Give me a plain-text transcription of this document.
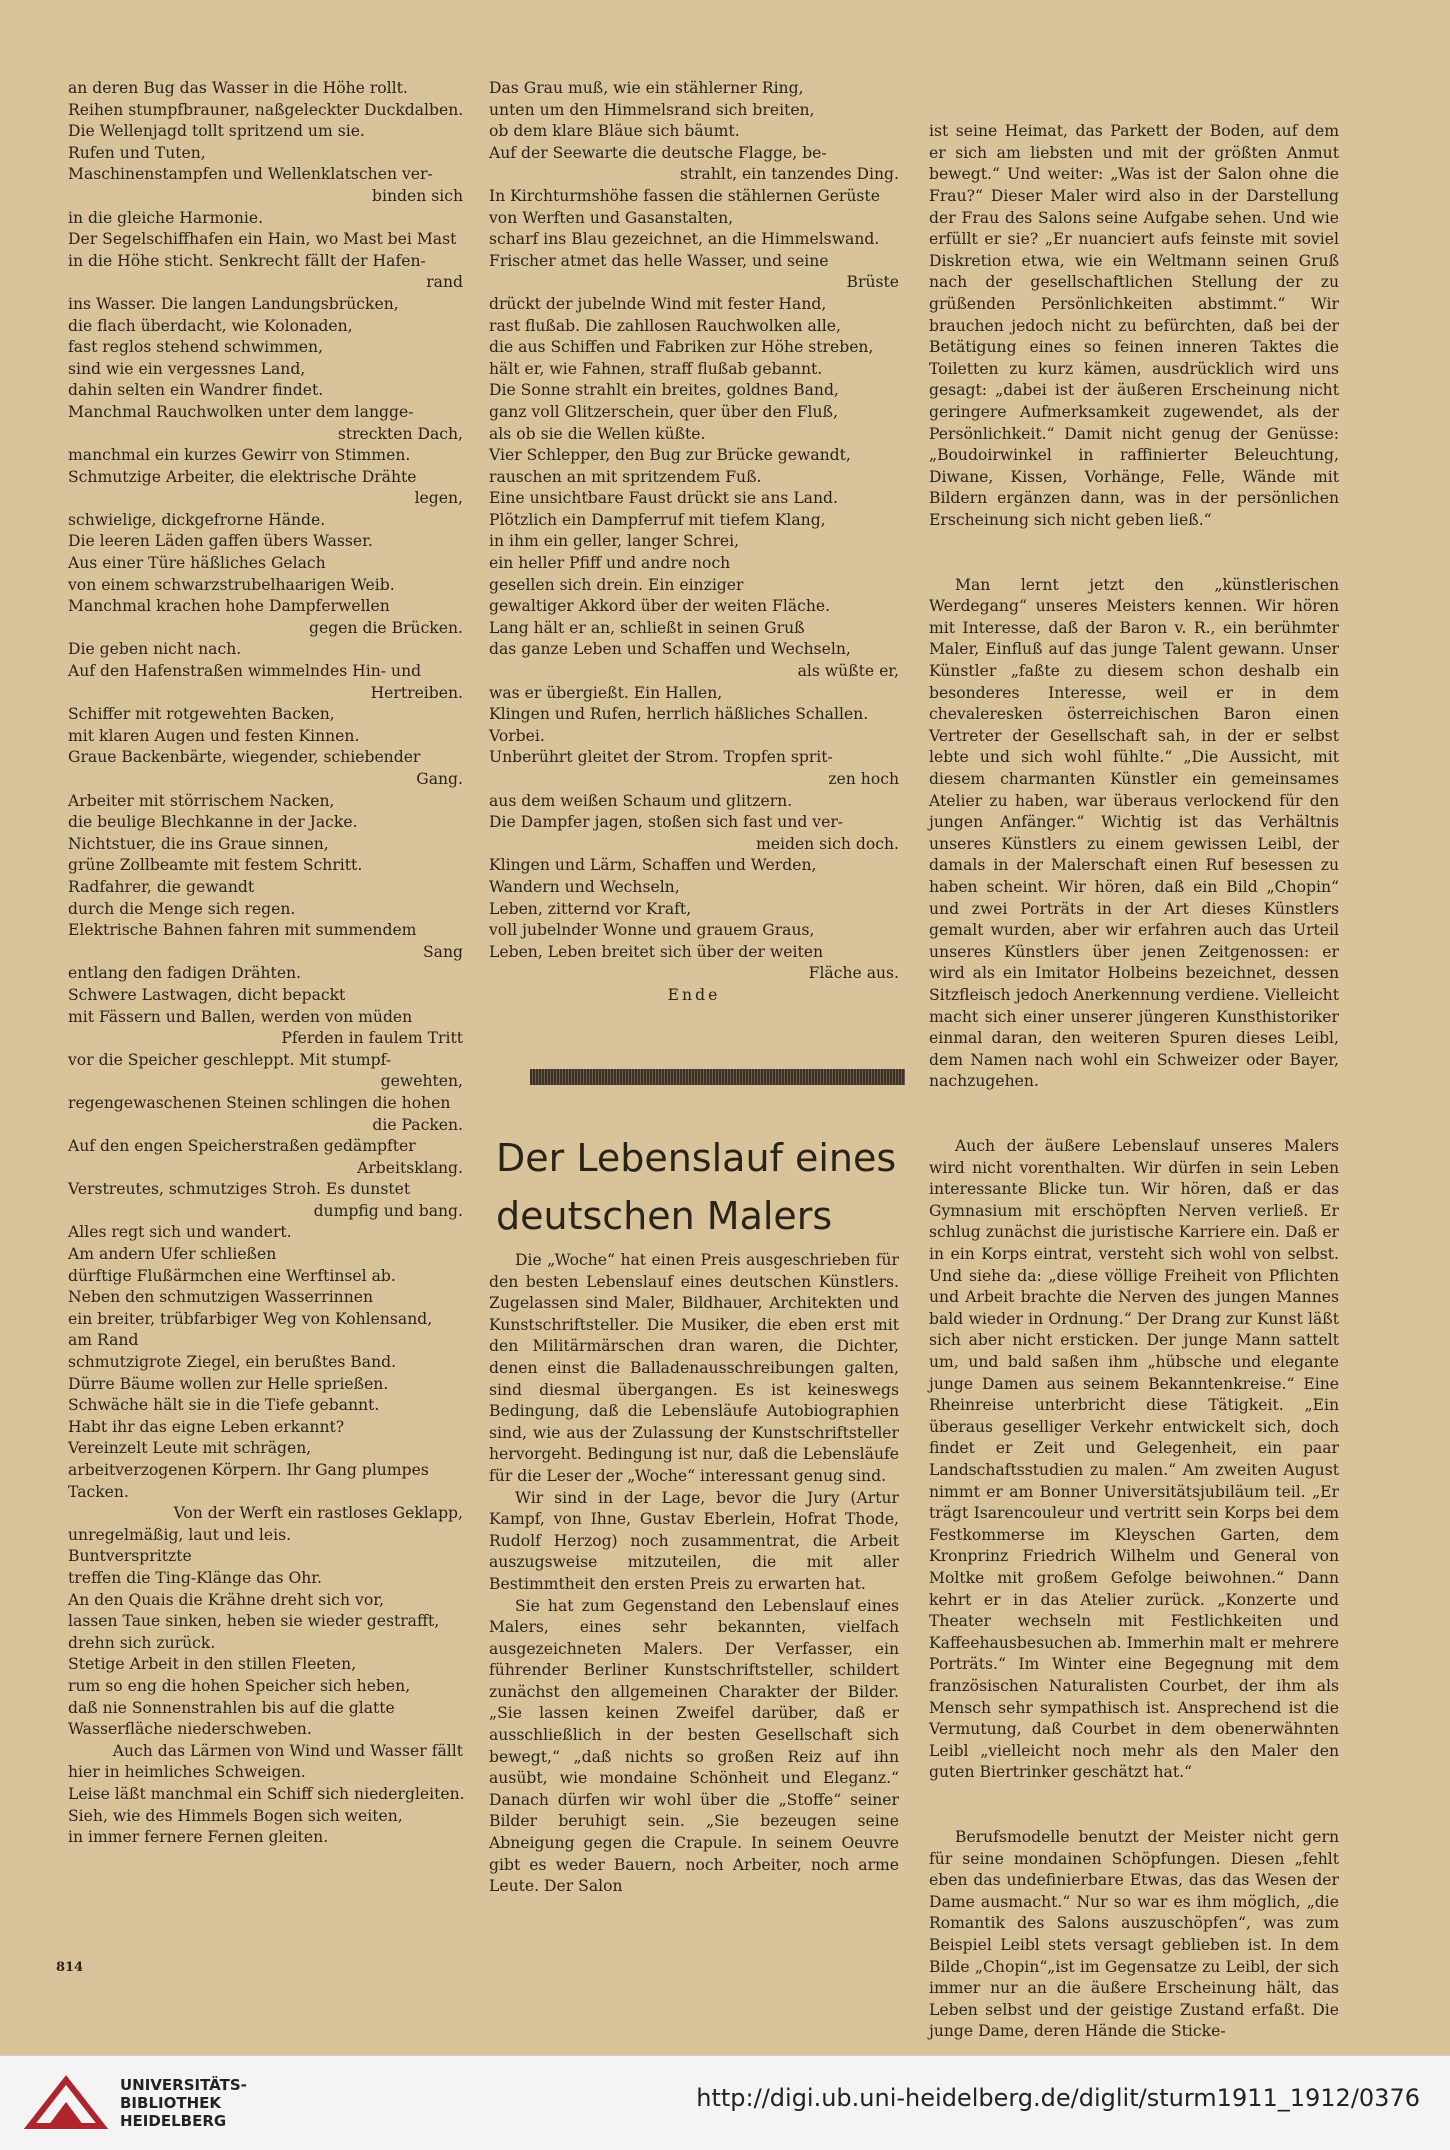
an deren Bug das Wasser in die Höhe rollt.
Reihen stumpfbrauner, naßgeleckter Duckdalben.
Die Wellenjagd tollt spritzend um sie.
Rufen und Tuten,
Maschinenstampfen und Wellenklatschen ver-
binden sich
in die gleiche Harmonie.
Der Segelschiffhafen ein Hain, wo Mast bei Mast
in die Höhe sticht. Senkrecht fällt der Hafen-
rand
ins Wasser. Die langen Landungsbrücken,
die flach überdacht, wie Kolonaden,
fast reglos stehend schwimmen,
sind wie ein vergessnes Land,
dahin selten ein Wandrer findet.
Manchmal Rauchwolken unter dem langge-
streckten Dach,
manchmal ein kurzes Gewirr von Stimmen.
Schmutzige Arbeiter, die elektrische Drähte
legen,
schwielige, dickgefrorne Hände.
Die leeren Läden gaffen übers Wasser.
Aus einer Türe häßliches Gelach
von einem schwarzstrubelhaarigen Weib.
Manchmal krachen hohe Dampferwellen
gegen die Brücken.
Die geben nicht nach.
Auf den Hafenstraßen wimmelndes Hin- und
Hertreiben.
Schiffer mit rotgewehten Backen,
mit klaren Augen und festen Kinnen.
Graue Backenbärte, wiegender, schiebender
Gang.
Arbeiter mit störrischem Nacken,
die beulige Blechkanne in der Jacke.
Nichtstuer, die ins Graue sinnen,
grüne Zollbeamte mit festem Schritt.
Radfahrer, die gewandt
durch die Menge sich regen.
Elektrische Bahnen fahren mit summendem
Sang
entlang den fadigen Drähten.
Schwere Lastwagen, dicht bepackt
mit Fässern und Ballen, werden von müden
Pferden in faulem Tritt
vor die Speicher geschleppt. Mit stumpf-
gewehten,
regengewaschenen Steinen schlingen die hohen
die Packen.
Auf den engen Speicherstraßen gedämpfter
Arbeitsklang.
Verstreutes, schmutziges Stroh. Es dunstet
dumpfig und bang.
Alles regt sich und wandert.
Am andern Ufer schließen
dürftige Flußärmchen eine Werftinsel ab.
Neben den schmutzigen Wasserrinnen
ein breiter, trübfarbiger Weg von Kohlensand,
am Rand
schmutzigrote Ziegel, ein berußtes Band.
Dürre Bäume wollen zur Helle sprießen.
Schwäche hält sie in die Tiefe gebannt.
Habt ihr das eigne Leben erkannt?
Vereinzelt Leute mit schrägen,
arbeitverzogenen Körpern. Ihr Gang plumpes
Tacken.
Von der Werft ein rastloses Geklapp,
unregelmäßig, laut und leis.
Buntverspritzte
treffen die Ting-Klänge das Ohr.
An den Quais die Krähne dreht sich vor,
lassen Taue sinken, heben sie wieder gestrafft,
drehn sich zurück.
Stetige Arbeit in den stillen Fleeten,
rum so eng die hohen Speicher sich heben,
daß nie Sonnenstrahlen bis auf die glatte
Wasserfläche niederschweben.
Auch das Lärmen von Wind und Wasser fällt
hier in heimliches Schweigen.
Leise läßt manchmal ein Schiff sich niedergleiten.
Sieh, wie des Himmels Bogen sich weiten,
in immer fernere Fernen gleiten.
Das Grau muß, wie ein stählerner Ring,
unten um den Himmelsrand sich breiten,
ob dem klare Bläue sich bäumt.
Auf der Seewarte die deutsche Flagge, be-
strahlt, ein tanzendes Ding.
In Kirchturmshöhe fassen die stählernen Gerüste
von Werften und Gasanstalten,
scharf ins Blau gezeichnet, an die Himmelswand.
Frischer atmet das helle Wasser, und seine
Brüste
drückt der jubelnde Wind mit fester Hand,
rast flußab. Die zahllosen Rauchwolken alle,
die aus Schiffen und Fabriken zur Höhe streben,
hält er, wie Fahnen, straff flußab gebannt.
Die Sonne strahlt ein breites, goldnes Band,
ganz voll Glitzerschein, quer über den Fluß,
als ob sie die Wellen küßte.
Vier Schlepper, den Bug zur Brücke gewandt,
rauschen an mit spritzendem Fuß.
Eine unsichtbare Faust drückt sie ans Land.
Plötzlich ein Dampferruf mit tiefem Klang,
in ihm ein geller, langer Schrei,
ein heller Pfiff und andre noch
gesellen sich drein. Ein einziger
gewaltiger Akkord über der weiten Fläche.
Lang hält er an, schließt in seinen Gruß
das ganze Leben und Schaffen und Wechseln,
als wüßte er,
was er übergießt. Ein Hallen,
Klingen und Rufen, herrlich häßliches Schallen.
Vorbei.
Unberührt gleitet der Strom. Tropfen sprit-
zen hoch
aus dem weißen Schaum und glitzern.
Die Dampfer jagen, stoßen sich fast und ver-
meiden sich doch.
Klingen und Lärm, Schaffen und Werden,
Wandern und Wechseln,
Leben, zitternd vor Kraft,
voll jubelnder Wonne und grauem Graus,
Leben, Leben breitet sich über der weiten
Fläche aus.
Ende
Der Lebenslauf eines
deutschen Malers

Die „Woche“ hat einen Preis ausgeschrieben für den besten Lebenslauf eines deutschen Künstlers. Zugelassen sind Maler, Bildhauer, Architekten und Kunstschriftsteller. Die Musiker, die eben erst mit den Militärmärschen dran waren, die Dichter, denen einst die Balladenausschreibungen galten, sind diesmal übergangen. Es ist keineswegs Bedingung, daß die Lebensläufe Autobiographien sind, wie aus der Zulassung der Kunstschriftsteller hervorgeht. Bedingung ist nur, daß die Lebensläufe für die Leser der „Woche“ interessant genug sind.

Wir sind in der Lage, bevor die Jury (Artur Kampf, von Ihne, Gustav Eberlein, Hofrat Thode, Rudolf Herzog) noch zusammentrat, die Arbeit auszugsweise mitzuteilen, die mit aller Bestimmtheit den ersten Preis zu erwarten hat.

Sie hat zum Gegenstand den Lebenslauf eines Malers, eines sehr bekannten, vielfach ausgezeichneten Malers. Der Verfasser, ein führender Berliner Kunstschriftsteller, schildert zunächst den allgemeinen Charakter der Bilder. „Sie lassen keinen Zweifel darüber, daß er ausschließlich in der besten Gesellschaft sich bewegt,“ „daß nichts so großen Reiz auf ihn ausübt, wie mondaine Schönheit und Eleganz.“ Danach dürfen wir wohl über die „Stoffe“ seiner Bilder beruhigt sein. „Sie bezeugen seine Abneigung gegen die Crapule. In seinem Oeuvre gibt es weder Bauern, noch Arbeiter, noch arme Leute. Der Salon

ist seine Heimat, das Parkett der Boden, auf dem er sich am liebsten und mit der größten Anmut bewegt.“ Und weiter: „Was ist der Salon ohne die Frau?“ Dieser Maler wird also in der Darstellung der Frau des Salons seine Aufgabe sehen. Und wie erfüllt er sie? „Er nuanciert aufs feinste mit soviel Diskretion etwa, wie ein Weltmann seinen Gruß nach der gesellschaftlichen Stellung der zu grüßenden Persönlichkeiten abstimmt.“ Wir brauchen jedoch nicht zu befürchten, daß bei der Betätigung eines so feinen inneren Taktes die Toiletten zu kurz kämen, ausdrücklich wird uns gesagt: „dabei ist der äußeren Erscheinung nicht geringere Aufmerksamkeit zugewendet, als der Persönlichkeit.“ Damit nicht genug der Genüsse: „Boudoirwinkel in raffinierter Beleuchtung, Diwane, Kissen, Vorhänge, Felle, Wände mit Bildern ergänzen dann, was in der persönlichen Erscheinung sich nicht geben ließ.“

Man lernt jetzt den „künstlerischen Werdegang“ unseres Meisters kennen. Wir hören mit Interesse, daß der Baron v. R., ein berühmter Maler, Einfluß auf das junge Talent gewann. Unser Künstler „faßte zu diesem schon deshalb ein besonderes Interesse, weil er in dem chevaleresken österreichischen Baron einen Vertreter der Gesellschaft sah, in der er selbst lebte und sich wohl fühlte.“ „Die Aussicht, mit diesem charmanten Künstler ein gemeinsames Atelier zu haben, war überaus verlockend für den jungen Anfänger.“ Wichtig ist das Verhältnis unseres Künstlers zu einem gewissen Leibl, der damals in der Malerschaft einen Ruf besessen zu haben scheint. Wir hören, daß ein Bild „Chopin“ und zwei Porträts in der Art dieses Künstlers gemalt wurden, aber wir erfahren auch das Urteil unseres Künstlers über jenen Zeitgenossen: er wird als ein Imitator Holbeins bezeichnet, dessen Sitzfleisch jedoch Anerkennung verdiene. Vielleicht macht sich einer unserer jüngeren Kunsthistoriker einmal daran, den weiteren Spuren dieses Leibl, dem Namen nach wohl ein Schweizer oder Bayer, nachzugehen.

Auch der äußere Lebenslauf unseres Malers wird nicht vorenthalten. Wir dürfen in sein Leben interessante Blicke tun. Wir hören, daß er das Gymnasium mit erschöpften Nerven verließ. Er schlug zunächst die juristische Karriere ein. Daß er in ein Korps eintrat, versteht sich wohl von selbst. Und siehe da: „diese völlige Freiheit von Pflichten und Arbeit brachte die Nerven des jungen Mannes bald wieder in Ordnung.“ Der Drang zur Kunst läßt sich aber nicht ersticken. Der junge Mann sattelt um, und bald saßen ihm „hübsche und elegante junge Damen aus seinem Bekanntenkreise.“ Eine Rheinreise unterbricht diese Tätigkeit. „Ein überaus geselliger Verkehr entwickelt sich, doch findet er Zeit und Gelegenheit, ein paar Landschaftsstudien zu malen.“ Am zweiten August nimmt er am Bonner Universitätsjubiläum teil. „Er trägt Isarencouleur und vertritt sein Korps bei dem Festkommerse im Kleyschen Garten, dem Kronprinz Friedrich Wilhelm und General von Moltke mit großem Gefolge beiwohnen.“ Dann kehrt er in das Atelier zurück. „Konzerte und Theater wechseln mit Festlichkeiten und Kaffeehausbesuchen ab. Immerhin malt er mehrere Porträts.“ Im Winter eine Begegnung mit dem französischen Naturalisten Courbet, der ihm als Mensch sehr sympathisch ist. Ansprechend ist die Vermutung, daß Courbet in dem obenerwähnten Leibl „vielleicht noch mehr als den Maler den guten Biertrinker geschätzt hat.“

Berufsmodelle benutzt der Meister nicht gern für seine mondainen Schöpfungen. Diesen „fehlt eben das undefinierbare Etwas, das das Wesen der Dame ausmacht.“ Nur so war es ihm möglich, „die Romantik des Salons auszuschöpfen“, was zum Beispiel Leibl stets versagt geblieben ist. In dem Bilde „Chopin“„ist im Gegensatze zu Leibl, der sich immer nur an die äußere Erscheinung hält, das Leben selbst und der geistige Zustand erfaßt. Die junge Dame, deren Hände die Sticke-

814
UNIVERSITÄTS-
BIBLIOTHEK
HEIDELBERG
http://digi.ub.uni-heidelberg.de/diglit/sturm1911_1912/0376
